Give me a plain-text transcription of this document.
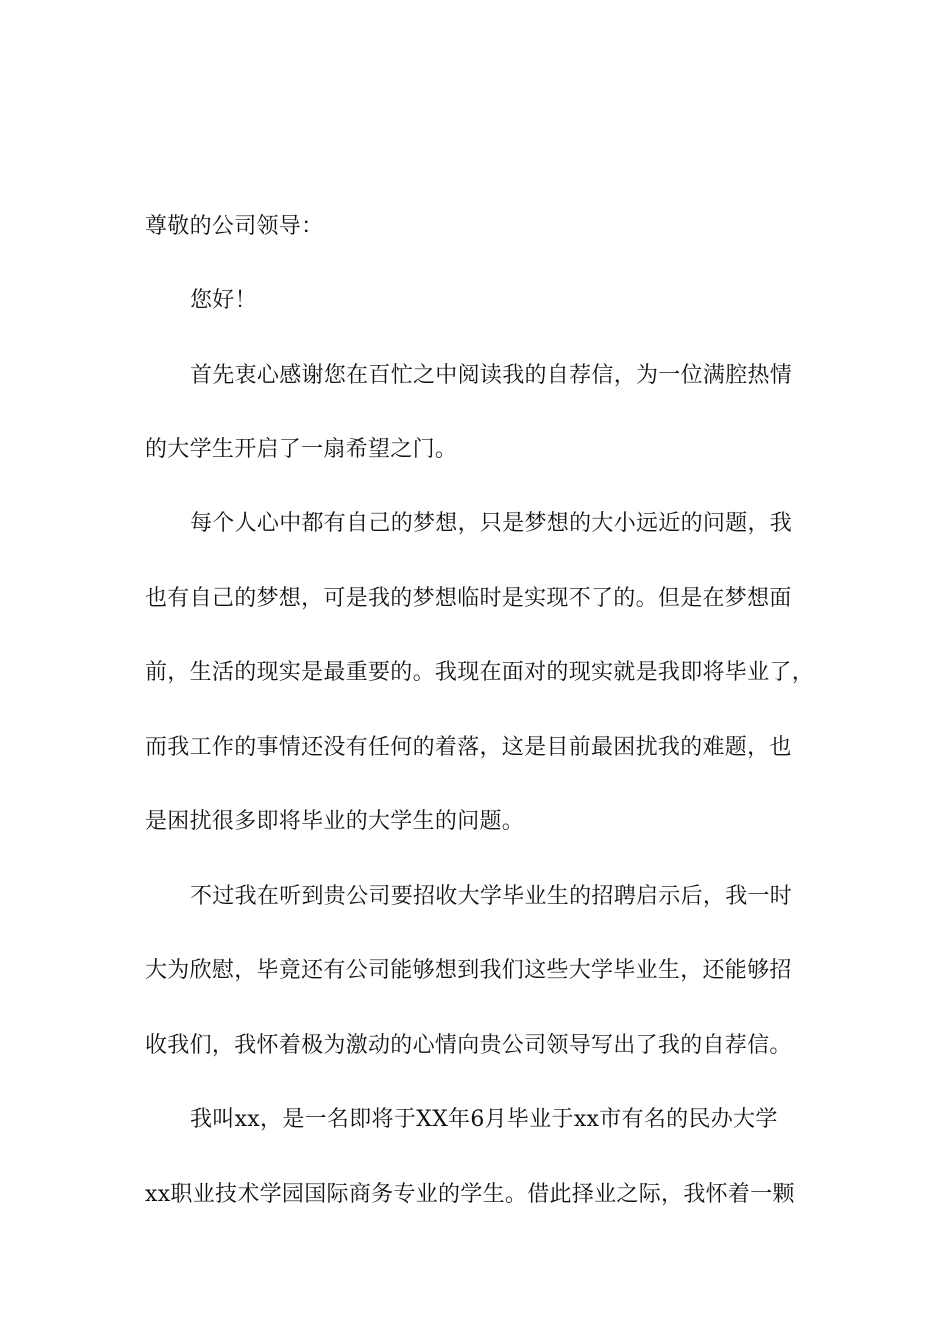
尊敬的公司领导：
您好！
首先衷心感谢您在百忙之中阅读我的自荐信，为一位满腔热情
的大学生开启了一扇希望之门。
每个人心中都有自己的梦想，只是梦想的大小远近的问题，我
也有自己的梦想，可是我的梦想临时是实现不了的。但是在梦想面
前，生活的现实是最重要的。我现在面对的现实就是我即将毕业了，
而我工作的事情还没有任何的着落，这是目前最困扰我的难题，也
是困扰很多即将毕业的大学生的问题。
不过我在听到贵公司要招收大学毕业生的招聘启示后，我一时
大为欣慰，毕竟还有公司能够想到我们这些大学毕业生，还能够招
收我们，我怀着极为激动的心情向贵公司领导写出了我的自荐信。
我叫xx，是一名即将于XX年6月毕业于xx市有名的民办大学
xx职业技术学园国际商务专业的学生。借此择业之际，我怀着一颗
